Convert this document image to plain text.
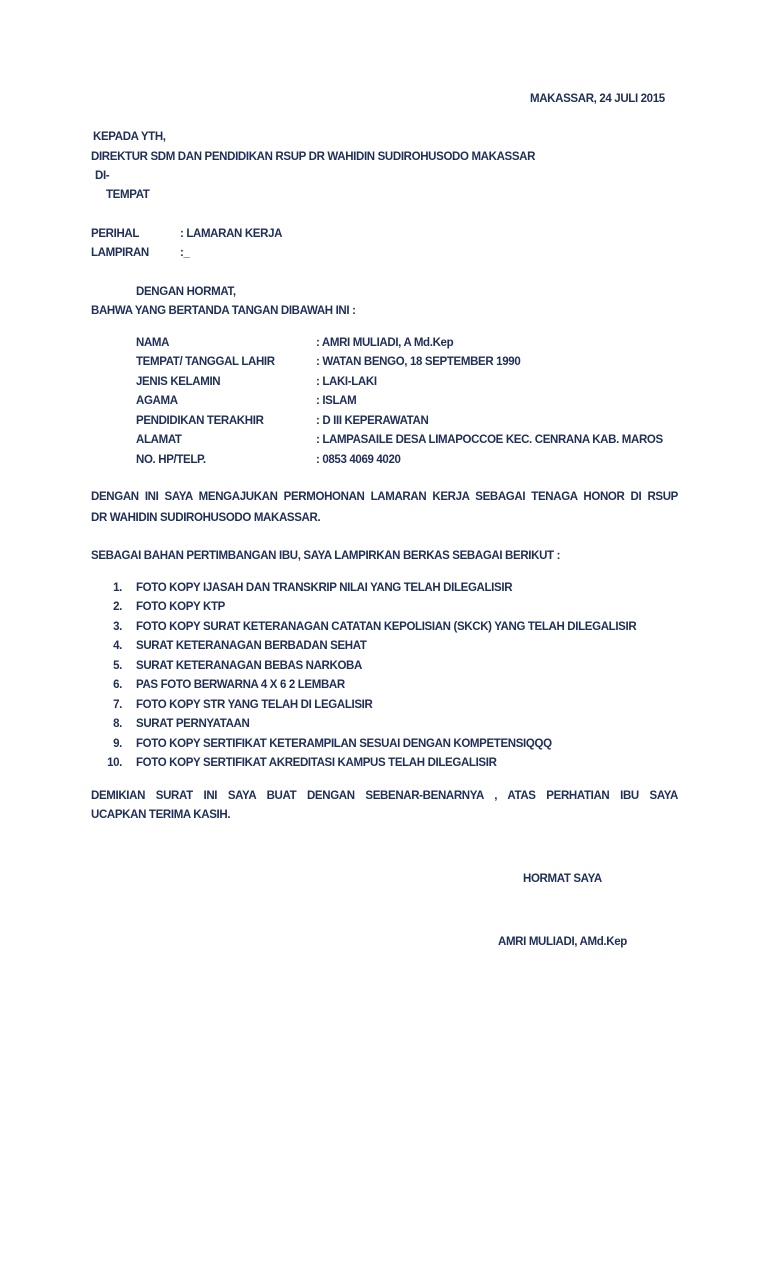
MAKASSAR, 24 JULI 2015
KEPADA YTH,
DIREKTUR SDM DAN PENDIDIKAN RSUP DR WAHIDIN SUDIROHUSODO MAKASSAR
DI-
TEMPAT
PERIHAL	: LAMARAN KERJA
LAMPIRAN	:_
DENGAN HORMAT,
BAHWA YANG BERTANDA TANGAN DIBAWAH INI :
NAMA	: AMRI MULIADI, A Md.Kep
TEMPAT/ TANGGAL LAHIR	: WATAN BENGO, 18 SEPTEMBER 1990
JENIS KELAMIN	: LAKI-LAKI
AGAMA	: ISLAM
PENDIDIKAN TERAKHIR	: D III KEPERAWATAN
ALAMAT	: LAMPASAILE DESA LIMAPOCCOE KEC. CENRANA KAB. MAROS
NO. HP/TELP.	: 0853 4069 4020
DENGAN INI SAYA MENGAJUKAN PERMOHONAN LAMARAN KERJA SEBAGAI TENAGA HONOR DI RSUP
DR WAHIDIN SUDIROHUSODO MAKASSAR.
SEBAGAI BAHAN PERTIMBANGAN IBU, SAYA LAMPIRKAN BERKAS SEBAGAI BERIKUT :
1. FOTO KOPY IJASAH DAN TRANSKRIP NILAI YANG TELAH DILEGALISIR
2. FOTO KOPY KTP
3. FOTO KOPY SURAT KETERANAGAN CATATAN KEPOLISIAN (SKCK) YANG TELAH DILEGALISIR
4. SURAT KETERANAGAN BERBADAN SEHAT
5. SURAT KETERANAGAN BEBAS NARKOBA
6. PAS FOTO BERWARNA 4 X 6 2 LEMBAR
7. FOTO KOPY STR YANG TELAH DI LEGALISIR
8. SURAT PERNYATAAN
9. FOTO KOPY SERTIFIKAT KETERAMPILAN SESUAI DENGAN KOMPETENSIQQQ
10. FOTO KOPY SERTIFIKAT AKREDITASI KAMPUS TELAH DILEGALISIR
DEMIKIAN SURAT INI SAYA BUAT DENGAN SEBENAR-BENARNYA , ATAS PERHATIAN IBU SAYA
UCAPKAN TERIMA KASIH.
HORMAT SAYA
AMRI MULIADI, AMd.Kep
